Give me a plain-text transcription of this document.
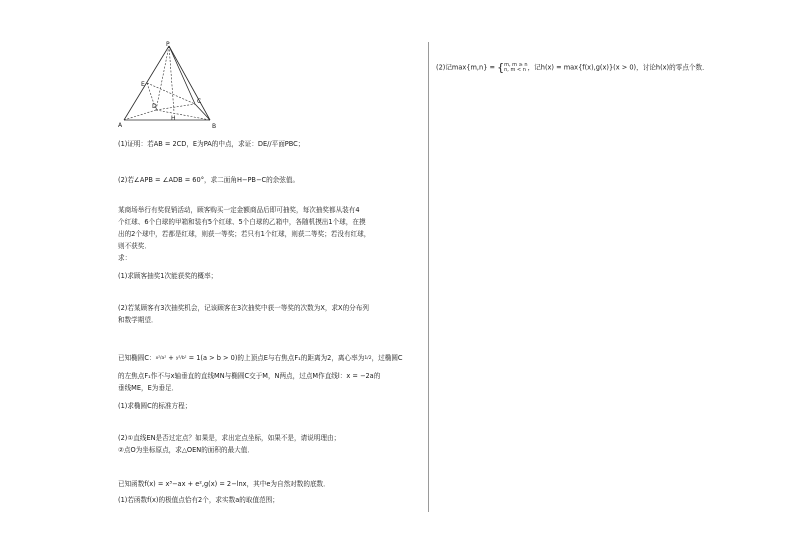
P
A	B
E
H
D
C
(1)证明：若AB = 2CD，E为PA的中点，求证：DE//平面PBC；
(2)若∠APB = ∠ADB = 60°，求二面角H−PB−C的余弦值。
某商场举行有奖促销活动，顾客购买一定金额商品后即可抽奖，每次抽奖都从装有4
个红球、6个白球的甲箱和装有5个红球、5个白球的乙箱中，各随机摸出1个球，在摸
出的2个球中，若都是红球，则获一等奖；若只有1个红球，则获二等奖；若没有红球，
则不获奖．
求：
(1)求顾客抽奖1次能获奖的概率；
(2)若某顾客有3次抽奖机会，记该顾客在3次抽奖中获一等奖的次数为X，求X的分布列
和数学期望．
已知椭圆C：x²/a² + y²/b² = 1(a > b > 0)的上顶点E与右焦点F₁的距离为2，离心率为1/2，过椭圆C
的左焦点F₁作不与x轴垂直的直线MN与椭圆C交于M，N两点，过点M作直线l：x = −2a的
垂线ME，E为垂足．
(1)求椭圆C的标准方程；
(2)①直线EN是否过定点？如果是，求出定点坐标，如果不是，请说明理由；
②点O为坐标原点，求△OEN的面积的最大值．
已知函数f(x) = x³−ax + e²,g(x) = 2−lnx，其中e为自然对数的底数．
(1)若函数f(x)的极值点恰有2个，求实数a的取值范围；
(2)记max{m,n} = { m, m ≥ n
n, m < n ，记h(x) = max{f(x),g(x)}(x > 0)，讨论h(x)的零点个数．
